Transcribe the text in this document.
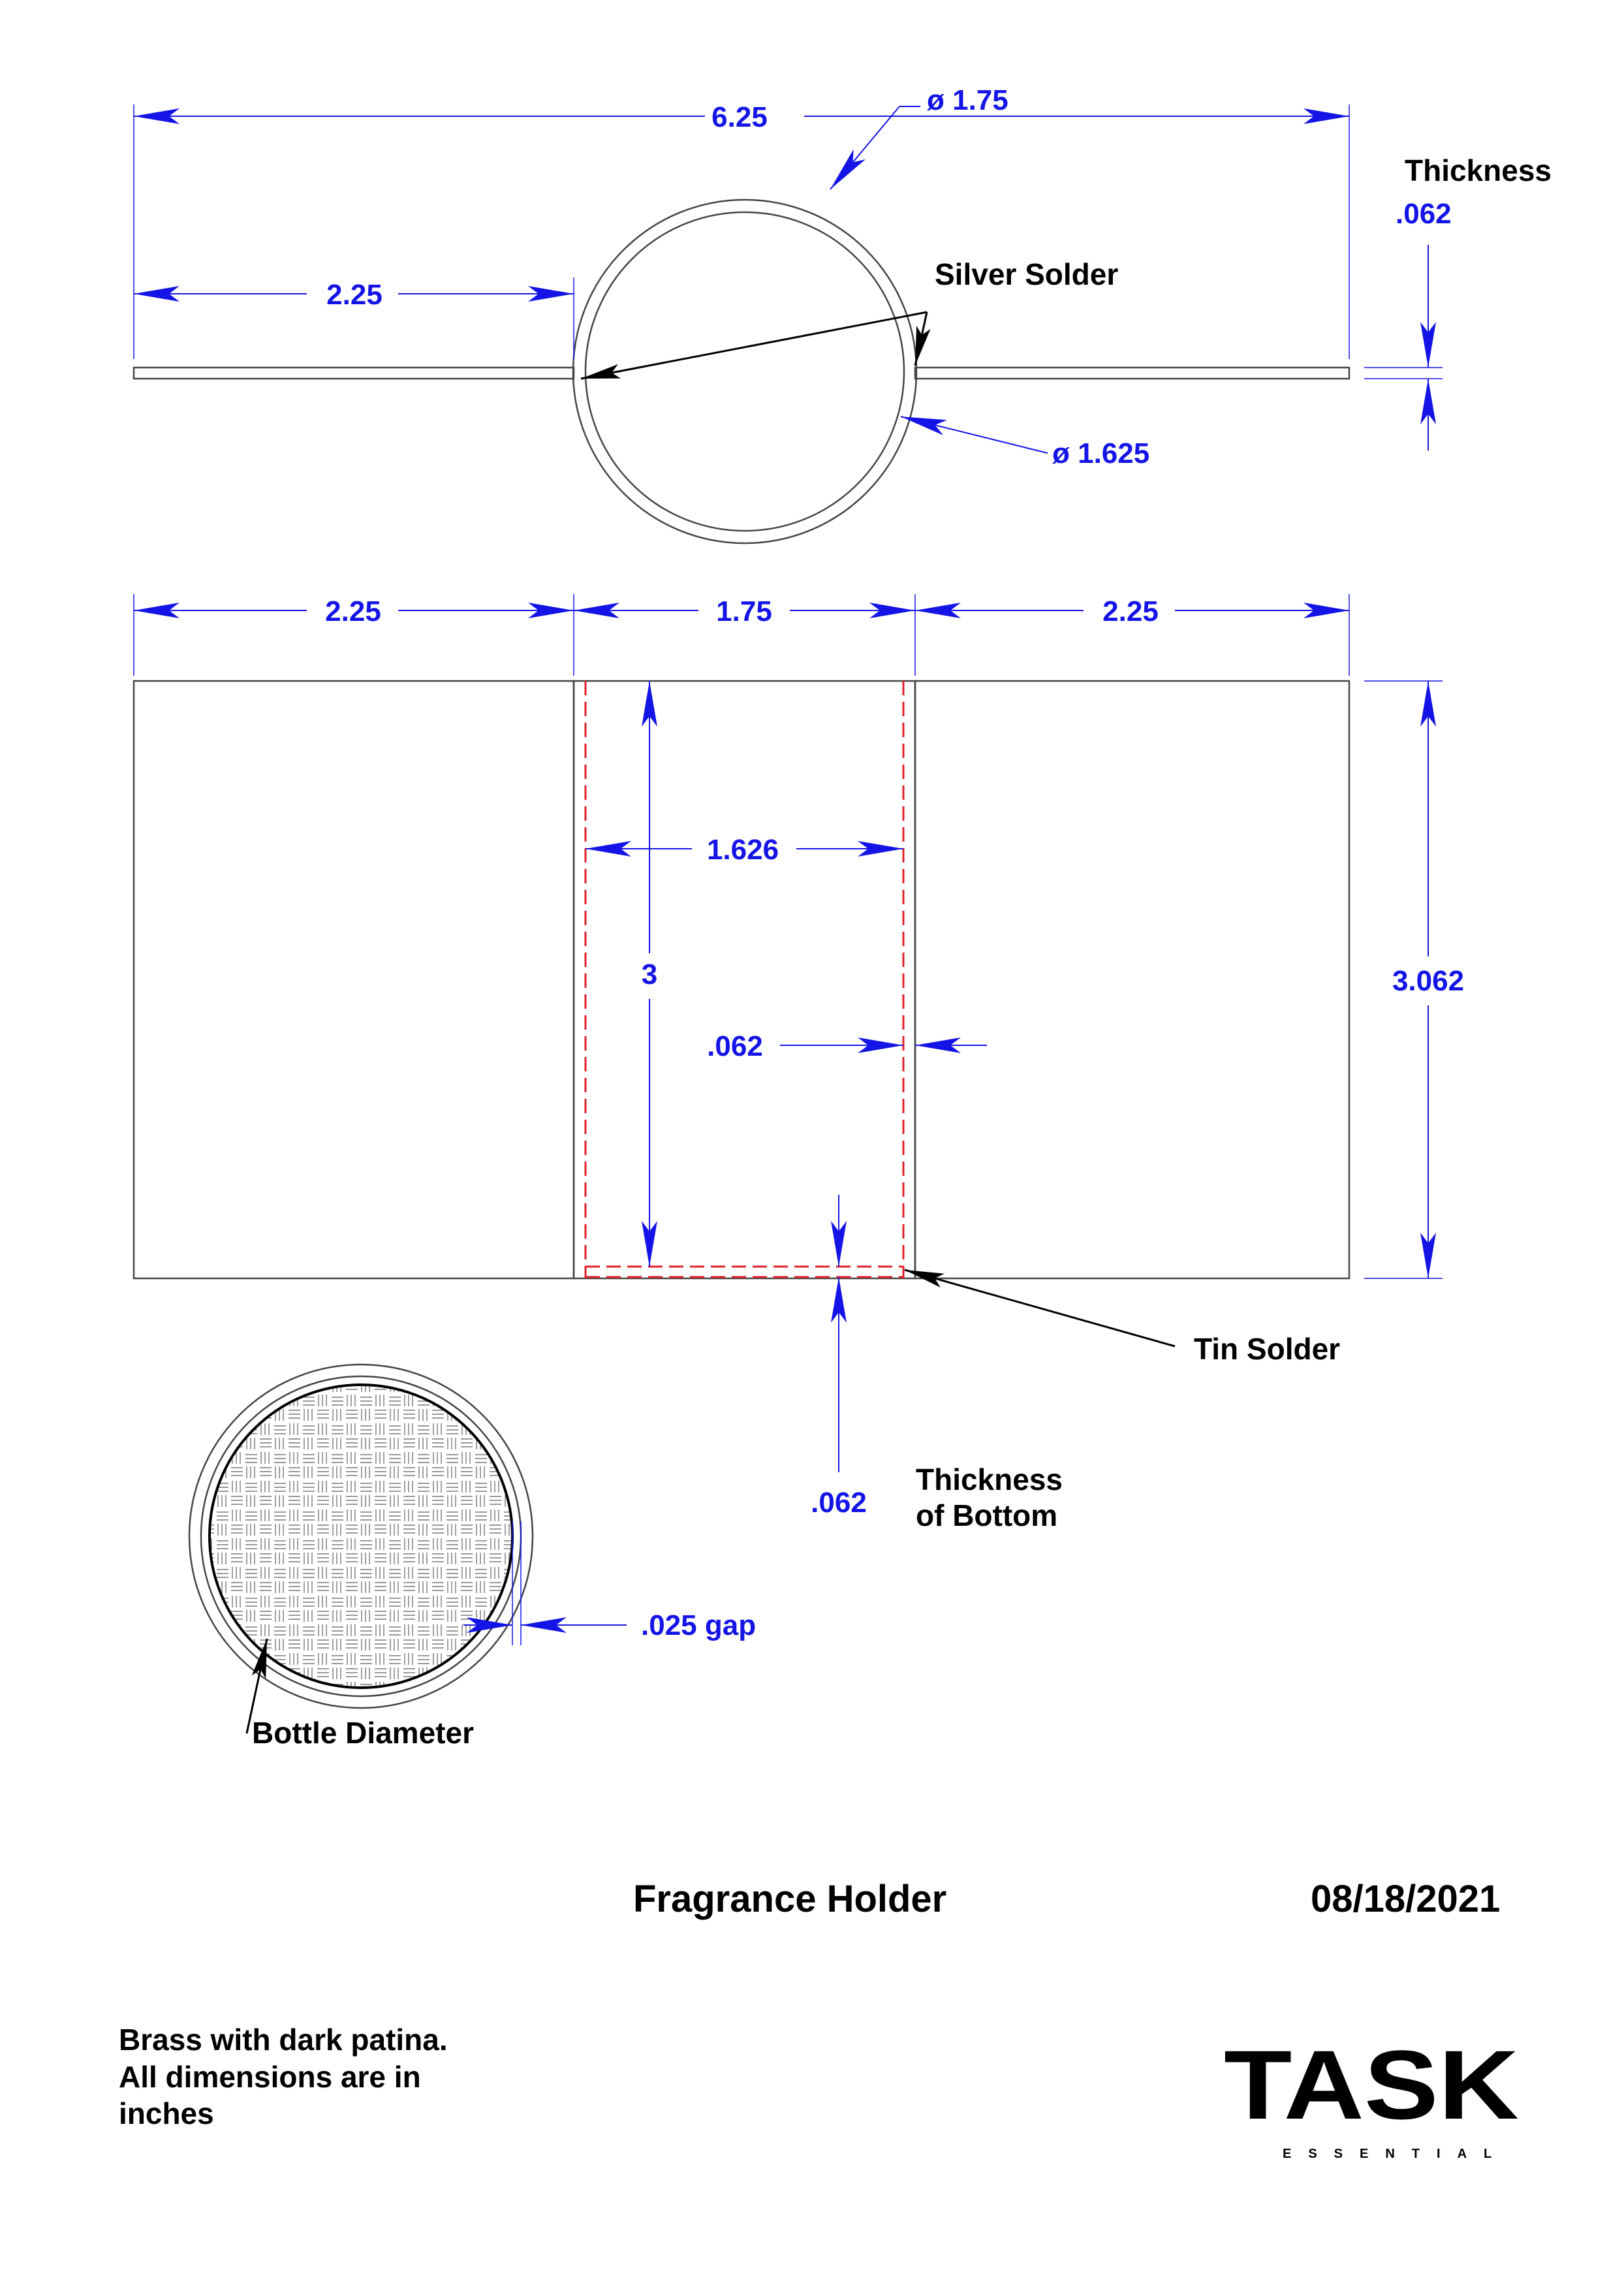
6.25
ø 1.75
2.25
Silver Solder
ø 1.625
Thickness
.062
2.25	1.75	2.25
1.626
3
.062
3.062
.062
Thickness
of Bottom
Tin Solder
.025 gap
Bottle Diameter
Fragrance Holder	08/18/2021
Brass with dark patina.
All dimensions are in
inches	TASK
ESSENTIAL
